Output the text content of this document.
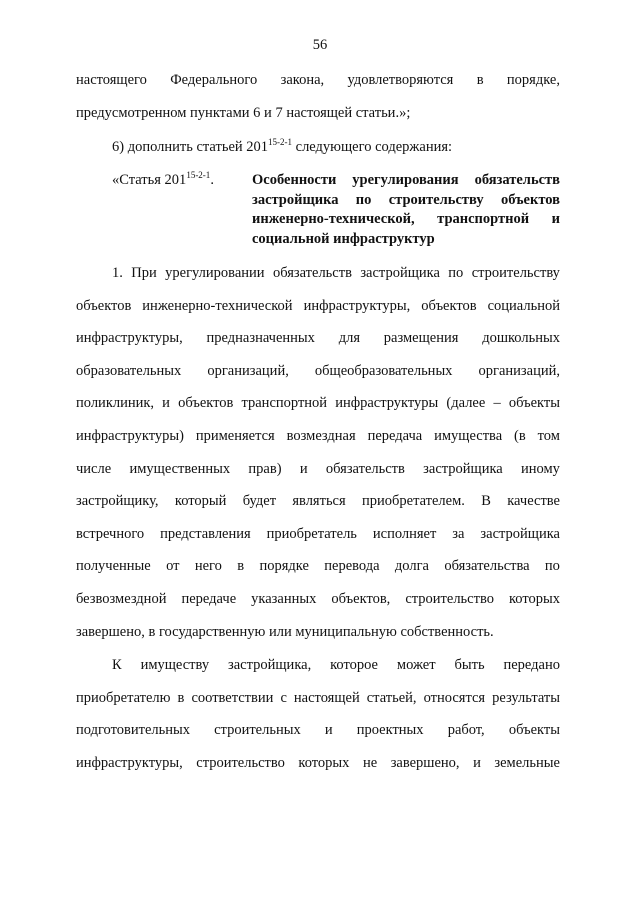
56
настоящего Федерального закона, удовлетворяются в порядке,
предусмотренном пунктами 6 и 7 настоящей статьи.»;
6) дополнить статьей 201$^{15-2-1}$ следующего содержания:
«Статья 201$^{15-2-1}$.	Особенности урегулирования обязательств
застройщика по строительству объектов
инженерно-технической, транспортной и
социальной инфраструктур
1. При урегулировании обязательств застройщика по строительству
объектов инженерно-технической инфраструктуры, объектов социальной
инфраструктуры, предназначенных для размещения дошкольных
образовательных организаций, общеобразовательных организаций,
поликлиник, и объектов транспортной инфраструктуры (далее – объекты
инфраструктуры) применяется возмездная передача имущества (в том
числе имущественных прав) и обязательств застройщика иному
застройщику, который будет являться приобретателем. В качестве
встречного представления приобретатель исполняет за застройщика
полученные от него в порядке перевода долга обязательства по
безвозмездной передаче указанных объектов, строительство которых
завершено, в государственную или муниципальную собственность.
К имуществу застройщика, которое может быть передано
приобретателю в соответствии с настоящей статьей, относятся результаты
подготовительных строительных и проектных работ, объекты
инфраструктуры, строительство которых не завершено, и земельные
